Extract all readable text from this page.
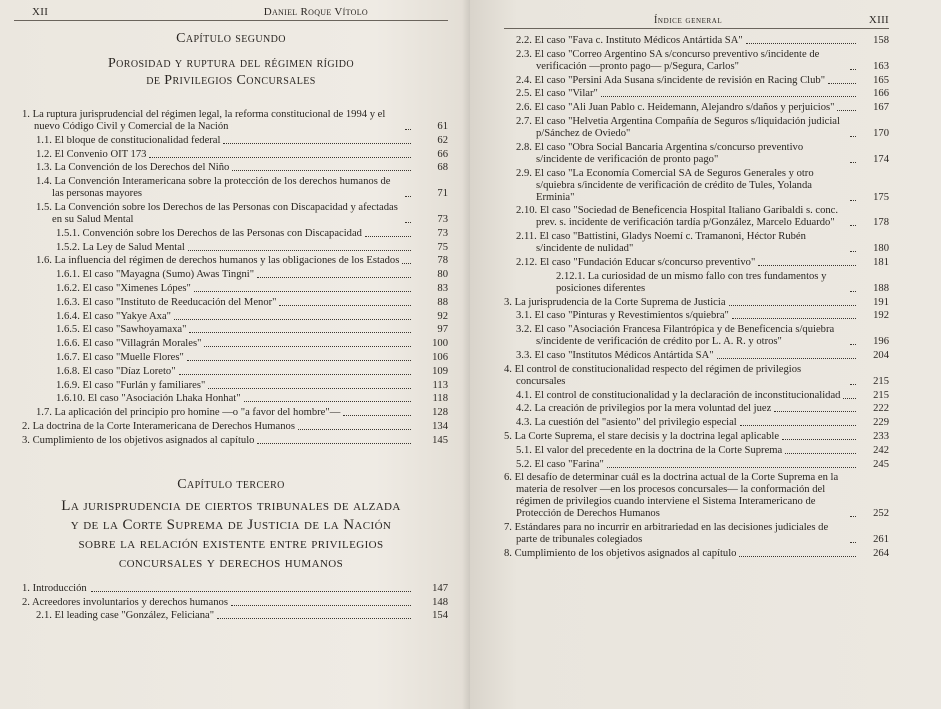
XII	Daniel Roque Vítolo
Capítulo segundo
Porosidad y ruptura del régimen rígido
de Privilegios Concursales
1. La ruptura jurisprudencial del régimen legal, la reforma constitucional de 1994 y el nuevo Código Civil y Comercial de la Nación	61
1.1. El bloque de constitucionalidad federal	62
1.2. El Convenio OIT 173	66
1.3. La Convención de los Derechos del Niño	68
1.4. La Convención Interamericana sobre la protección de los derechos humanos de las personas mayores	71
1.5. La Convención sobre los Derechos de las Personas con Discapacidad y afectadas en su Salud Mental	73
1.5.1. Convención sobre los Derechos de las Personas con Discapacidad	73
1.5.2. La Ley de Salud Mental	75
1.6. La influencia del régimen de derechos humanos y las obligaciones de los Estados	78
1.6.1. El caso "Mayagna (Sumo) Awas Tingni"	80
1.6.2. El caso "Ximenes Lópes"	83
1.6.3. El caso "Instituto de Reeducación del Menor"	88
1.6.4. El caso "Yakye Axa"	92
1.6.5. El caso "Sawhoyamaxa"	97
1.6.6. El caso "Villagrán Morales"	100
1.6.7. El caso "Muelle Flores"	106
1.6.8. El caso "Díaz Loreto"	109
1.6.9. El caso "Furlán y familiares"	113
1.6.10. El caso "Asociación Lhaka Honhat"	118
1.7. La aplicación del principio pro homine —o "a favor del hombre"—	128
2. La doctrina de la Corte Interamericana de Derechos Humanos	134
3. Cumplimiento de los objetivos asignados al capítulo	145
Capítulo tercero
La jurisprudencia de ciertos tribunales de alzada
y de la Corte Suprema de Justicia de la Nación
sobre la relación existente entre privilegios
concursales y derechos humanos
1. Introducción	147
2. Acreedores involuntarios y derechos humanos	148
2.1. El leading case "González, Feliciana"	154
Índice general	XIII
2.2. El caso "Fava c. Instituto Médicos Antártida SA"	158
2.3. El caso "Correo Argentino SA s/concurso preventivo s/incidente de verificación —pronto pago— p/Segura, Carlos"	163
2.4. El caso "Persini Ada Susana s/incidente de revisión en Racing Club"	165
2.5. El caso "Vilar"	166
2.6. El caso "Ali Juan Pablo c. Heidemann, Alejandro s/daños y perjuicios"	167
2.7. El caso "Helvetia Argentina Compañía de Seguros s/liquidación judicial p/Sánchez de Oviedo"	170
2.8. El caso "Obra Social Bancaria Argentina s/concurso preventivo s/incidente de verificación de pronto pago"	174
2.9. El caso "La Economía Comercial SA de Seguros Generales y otro s/quiebra s/incidente de verificación de crédito de Tules, Yolanda Erminia"	175
2.10. El caso "Sociedad de Beneficencia Hospital Italiano Garibaldi s. conc. prev. s. incidente de verificación tardía p/González, Marcelo Eduardo"	178
2.11. El caso "Battistini, Gladys Noemí c. Tramanoni, Héctor Rubén s/incidente de nulidad"	180
2.12. El caso "Fundación Educar s/concurso preventivo"	181
2.12.1. La curiosidad de un mismo fallo con tres fundamentos y posiciones diferentes	188
3. La jurisprudencia de la Corte Suprema de Justicia	191
3.1. El caso "Pinturas y Revestimientos s/quiebra"	192
3.2. El caso "Asociación Francesa Filantrópica y de Beneficencia s/quiebra s/incidente de verificación de crédito por L. A. R. y otros"	196
3.3. El caso "Institutos Médicos Antártida SA"	204
4. El control de constitucionalidad respecto del régimen de privilegios concursales	215
4.1. El control de constitucionalidad y la declaración de inconstitucionalidad	215
4.2. La creación de privilegios por la mera voluntad del juez	222
4.3. La cuestión del "asiento" del privilegio especial	229
5. La Corte Suprema, el stare decisis y la doctrina legal aplicable	233
5.1. El valor del precedente en la doctrina de la Corte Suprema	242
5.2. El caso "Farina"	245
6. El desafío de determinar cuál es la doctrina actual de la Corte Suprema en la materia de resolver —en los procesos concursales— la conformación del régimen de privilegios cuando interviene el Sistema Interamericano de Protección de Derechos Humanos	252
7. Estándares para no incurrir en arbitrariedad en las decisiones judiciales de parte de tribunales colegiados	261
8. Cumplimiento de los objetivos asignados al capítulo	264
